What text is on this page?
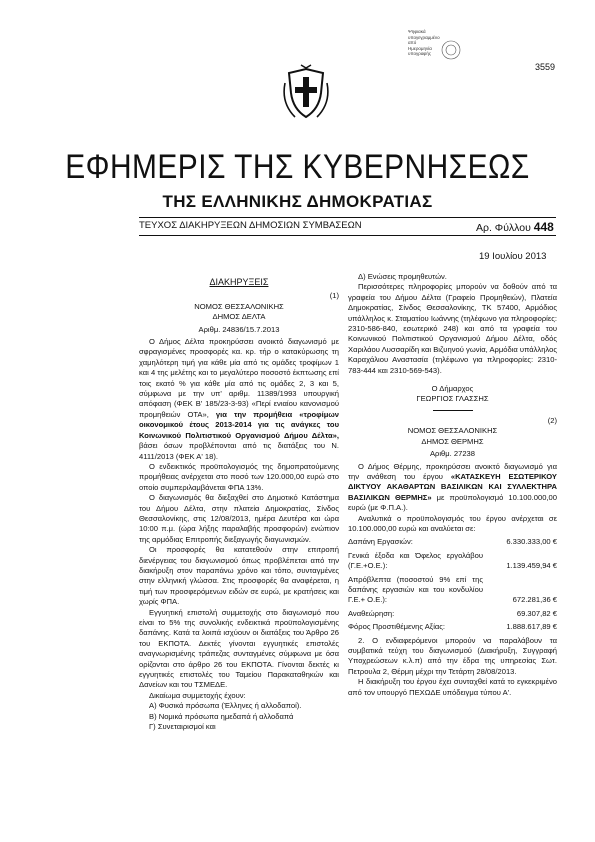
Ψηφιακά
υπογεγραμμένο
από
Ημερομηνία
υπογραφής
3559
ΕΦΗΜΕΡΙΣ ΤΗΣ ΚΥΒΕΡΝΗΣΕΩΣ
ΤΗΣ ΕΛΛΗΝΙΚΗΣ ΔΗΜΟΚΡΑΤΙΑΣ
ΤΕΥΧΟΣ ΔΙΑΚΗΡΥΞΕΩΝ ΔΗΜΟΣΙΩΝ ΣΥΜΒΑΣΕΩΝ	Αρ. Φύλλου 448
19 Ιουλίου 2013
ΔΙΑΚΗΡΥΞΕΙΣ
(1)
ΝΟΜΟΣ ΘΕΣΣΑΛΟΝΙΚΗΣ
ΔΗΜΟΣ ΔΕΛΤΑ
Αριθμ. 24836/15.7.2013
Ο Δήμος Δέλτα προκηρύσσει ανοικτό διαγωνισμό με σφραγισμένες προσφορές κα. κρ. τήρ ο κατακύρωσης τη χαμηλότερη τιμή για κάθε μία από τις ομάδες τροφίμων 1 και 4 της μελέτης και το μεγαλύτερο ποσοστό έκπτωσης επί τοις εκατό % για κάθε μία από τις ομάδες 2, 3 και 5, σύμφωνα με την υπ' αριθμ. 11389/1993 υπουργική απόφαση (ΦΕΚ Β' 185/23-3-93) «Περί ενιαίου κανονισμού προμηθειών ΟΤΑ», για την προμήθεια «τροφίμων οικονομικού έτους 2013-2014 για τις ανάγκες του Κοινωνικού Πολιτιστικού Οργανισμού Δήμου Δέλτα», βάσει όσων προβλέπονται από τις διατάξεις του Ν. 4111/2013 (ΦΕΚ Α' 18).
Ο ενδεικτικός προϋπολογισμός της δημοπρατούμενης προμήθειας ανέρχεται στο ποσό των 120.000,00 ευρώ στο οποίο συμπεριλαμβάνεται ΦΠΑ 13%.
Ο διαγωνισμός θα διεξαχθεί στο Δημοτικό Κατάστημα του Δήμου Δέλτα, στην πλατεία Δημοκρατίας, Σίνδος Θεσσαλονίκης, στις 12/08/2013, ημέρα Δευτέρα και ώρα 10:00 π.μ. (ώρα λήξης παραλαβής προσφορών) ενώπιον της αρμόδιας Επιτροπής διεξαγωγής διαγωνισμών.
Οι προσφορές θα κατατεθούν στην επιτροπή διενέργειας του διαγωνισμού όπως προβλέπεται από την διακήρυξη στον παραπάνω χρόνο και τόπο, συνταγμένες στην ελληνική γλώσσα. Στις προσφορές θα αναφέρεται, η τιμή των προσφερόμενων ειδών σε ευρώ, με κρατήσεις και χωρίς ΦΠΑ.
Εγγυητική επιστολή συμμετοχής στο διαγωνισμό που είναι το 5% της συνολικής ενδεικτικά προϋπολογισμένης δαπάνης. Κατά τα λοιπά ισχύουν οι διατάξεις του Άρθρο 26 του ΕΚΠΟΤΑ. Δεκτές γίνονται εγγυητικές επιστολές αναγνωρισμένης τράπεζας συνταγμένες σύμφωνα με όσα ορίζονται στο άρθρο 26 του ΕΚΠΟΤΑ. Γίνονται δεκτές κι εγγυητικές επιστολές του Ταμείου Παρακαταθηκών και Δανείων και του ΤΣΜΕΔΕ.
Δικαίωμα συμμετοχής έχουν:
Α) Φυσικά πρόσωπα (Έλληνες ή αλλοδαποί).
Β) Νομικά πρόσωπα ημεδαπά ή αλλοδαπά
Γ) Συνεταιρισμοί και
Δ) Ενώσεις προμηθευτών.
Περισσότερες πληροφορίες μπορούν να δοθούν από τα γραφεία του Δήμου Δέλτα (Γραφείο Προμηθειών), Πλατεία Δημοκρατίας, Σίνδος Θεσσαλονίκης, ΤΚ 57400, Αρμόδιος υπάλληλος κ. Σταματίου Ιωάννης (τηλέφωνο για πληροφορίες: 2310-586-840, εσωτερικό 248) και από τα γραφεία του Κοινωνικού Πολιτιστικού Οργανισμού Δήμου Δέλτα, οδός Χαριλάου Λυσσαρίδη και Βιζυηνού γωνία, Αρμόδια υπάλληλος Καραχάλιου Αναστασία (τηλέφωνο για πληροφορίες: 2310-783-444 και 2310-569-543).
Ο Δήμαρχος
ΓΕΩΡΓΙΟΣ ΓΛΑΣΣΗΣ
(2)
ΝΟΜΟΣ ΘΕΣΣΑΛΟΝΙΚΗΣ
ΔΗΜΟΣ ΘΕΡΜΗΣ
Αριθμ. 27238
Ο Δήμος Θέρμης, προκηρύσσει ανοικτό διαγωνισμό για την ανάθεση του έργου «ΚΑΤΑΣΚΕΥΗ ΕΣΩΤΕΡΙΚΟΥ ΔΙΚΤΥΟΥ ΑΚΑΘΑΡΤΩΝ ΒΑΣΙΛΙΚΩΝ ΚΑΙ ΣΥΛΛΕΚΤΗΡΑ ΒΑΣΙΛΙΚΩΝ ΘΕΡΜΗΣ» με προϋπολογισμό 10.100.000,00 ευρώ (με Φ.Π.Α.).
Αναλυτικά ο προϋπολογισμός του έργου ανέρχεται σε 10.100.000,00 ευρώ και αναλύεται σε:
Δαπάνη Εργασιών:	6.330.333,00 €
Γενικά έξοδα και Όφελος εργολάβου (Γ.Ε.+Ο.Ε.):	1.139.459,94 €
Απρόβλεπτα (ποσοστού 9% επί της δαπάνης εργασιών και του κονδυλίου Γ.Ε.+ Ο.Ε.):	672.281,36 €
Αναθεώρηση:	69.307,82 €
Φόρος Προστιθέμενης Αξίας:	1.888.617,89 €
2. Ο ενδιαφερόμενοι μπορούν να παραλάβουν τα συμβατικά τεύχη του διαγωνισμού (Διακήρυξη, Συγγραφή Υποχρεώσεων κ.λ.π) από την έδρα της υπηρεσίας Σωτ. Πετρουλα 2, Θέρμη μέχρι την Τετάρτη 28/08/2013.
Η διακήρυξη του έργου έχει συνταχθεί κατά το εγκεκριμένο από τον υπουργό ΠΕΧΩΔΕ υπόδειγμα τύπου Α'.
